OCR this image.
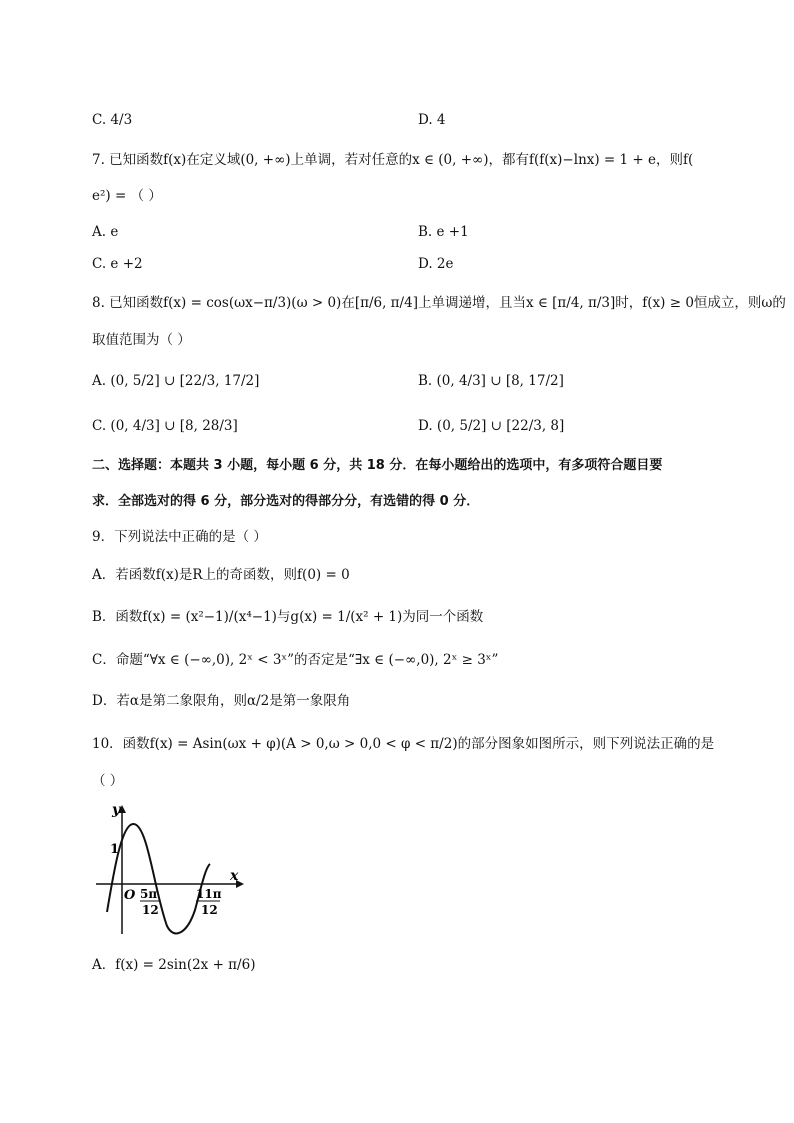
C. 4/3	D. 4
7. 已知函数f(x)在定义域(0, +∞)上单调，若对任意的x ∈ (0, +∞)，都有f(f(x)−lnx) = 1 + e，则f(
e²) = （ ）
A. e	B. e +1
C. e +2	D. 2e
8. 已知函数f(x) = cos(ωx−π/3)(ω > 0)在[π/6, π/4]上单调递增，且当x ∈ [π/4, π/3]时，f(x) ≥ 0恒成立，则ω的
取值范围为（ ）
A. (0, 5/2] ∪ [22/3, 17/2]	B. (0, 4/3] ∪ [8, 17/2]
C. (0, 4/3] ∪ [8, 28/3]	D. (0, 5/2] ∪ [22/3, 8]
二、选择题：本题共 3 小题，每小题 6 分，共 18 分．在每小题给出的选项中，有多项符合题目要
求．全部选对的得 6 分，部分选对的得部分分，有选错的得 0 分．
9．下列说法中正确的是（ ）
A．若函数f(x)是R上的奇函数，则f(0) = 0
B．函数f(x) = (x²−1)/(x⁴−1)与g(x) = 1/(x² + 1)为同一个函数
C．命题“∀x ∈ (−∞,0), 2ˣ < 3ˣ”的否定是“∃x ∈ (−∞,0), 2ˣ ≥ 3ˣ”
D．若α是第二象限角，则α/2是第一象限角
10．函数f(x) = Asin(ωx + φ)(A > 0,ω > 0,0 < φ < π/2)的部分图象如图所示，则下列说法正确的是
（ ）
y
x
O
1
5π
12
11π
12
A．f(x) = 2sin(2x + π/6)
